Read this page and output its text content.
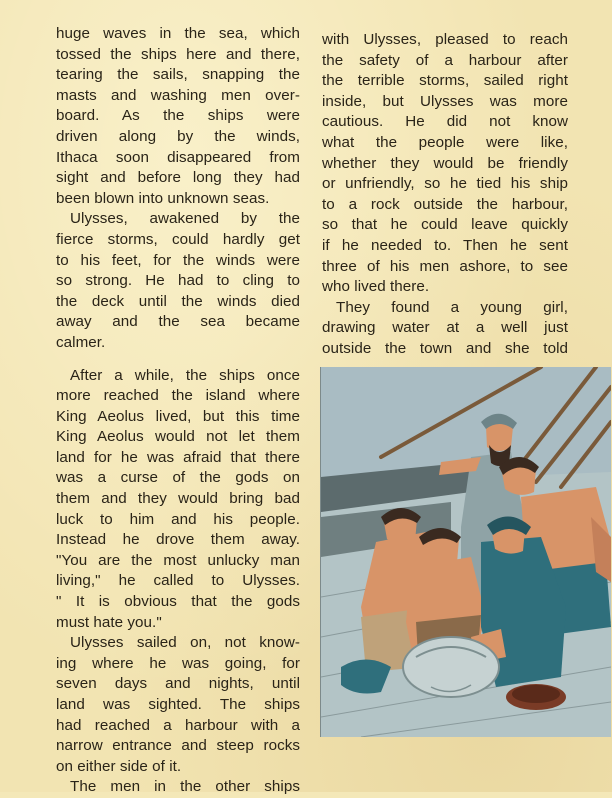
huge waves in the sea, which
tossed the ships here and there,
tearing the sails, snapping the
masts and washing men over-
board. As the ships were
driven along by the winds,
Ithaca soon disappeared from
sight and before long they had
been blown into unknown seas.
Ulysses, awakened by the
fierce storms, could hardly get
to his feet, for the winds were
so strong. He had to cling to
the deck until the winds died
away and the sea became
calmer.
After a while, the ships once
more reached the island where
King Aeolus lived, but this time
King Aeolus would not let them
land for he was afraid that there
was a curse of the gods on
them and they would bring bad
luck to him and his people.
Instead he drove them away.
"You are the most unlucky man
living," he called to Ulysses.
" It is obvious that the gods
must hate you."
Ulysses sailed on, not know-
ing where he was going, for
seven days and nights, until
land was sighted. The ships
had reached a harbour with a
narrow entrance and steep rocks
on either side of it.
The men in the other ships
with Ulysses, pleased to reach
the safety of a harbour after
the terrible storms, sailed right
inside, but Ulysses was more
cautious. He did not know
what the people were like,
whether they would be friendly
or unfriendly, so he tied his ship
to a rock outside the harbour,
so that he could leave quickly
if he needed to. Then he sent
three of his men ashore, to see
who lived there.
They found a young girl,
drawing water at a well just
outside the town and she told
